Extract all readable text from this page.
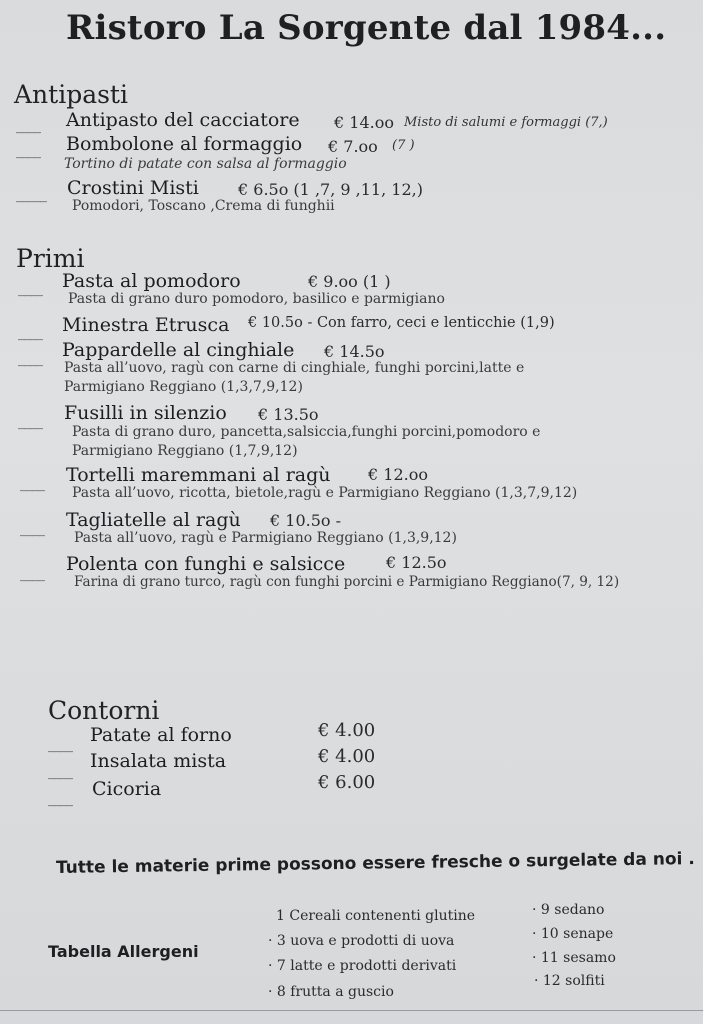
Ristoro La Sorgente dal 1984...
Antipasti
____ Antipasto del cacciatore € 14.oo Misto di salumi e formaggi (7,)
____ Bombolone al formaggio € 7.oo (7 )
Tortino di patate con salsa al formaggio
_____ Crostini Misti € 6.5o (1 ,7, 9 ,11, 12,)
Pomodori, Toscano ,Crema di funghii
Primi
____ Pasta al pomodoro	€ 9.oo (1 )
Pasta di grano duro pomodoro, basilico e parmigiano
____ Minestra Etrusca € 10.5o - Con farro, ceci e lenticchie (1,9)
____ Pappardelle al cinghiale € 14.5o
Pasta all’uovo, ragù con carne di cinghiale, funghi porcini,latte e
Parmigiano Reggiano (1,3,7,9,12)
____ Fusilli in silenzio € 13.5o
Pasta di grano duro, pancetta,salsiccia,funghi porcini,pomodoro e
Parmigiano Reggiano (1,7,9,12)
____ Tortelli maremmani al ragù € 12.oo
Pasta all’uovo, ricotta, bietole,ragù e Parmigiano Reggiano (1,3,7,9,12)
____ Tagliatelle al ragù € 10.5o -
Pasta all’uovo, ragù e Parmigiano Reggiano (1,3,9,12)
____ Polenta con funghi e salsicce	€ 12.5o
Farina di grano turco, ragù con funghi porcini e Parmigiano Reggiano(7, 9, 12)
Contorni
____ Patate al forno	€ 4.00
____ Insalata mista	€ 4.00
____ Cicoria	€ 6.00
Tutte le materie prime possono essere fresche o surgelate da noi .
Tabella Allergeni
1 Cereali contenenti glutine
· 3 uova e prodotti di uova
· 7 latte e prodotti derivati
· 8 frutta a guscio
· 9 sedano
· 10 senape
· 11 sesamo
· 12 solfiti
